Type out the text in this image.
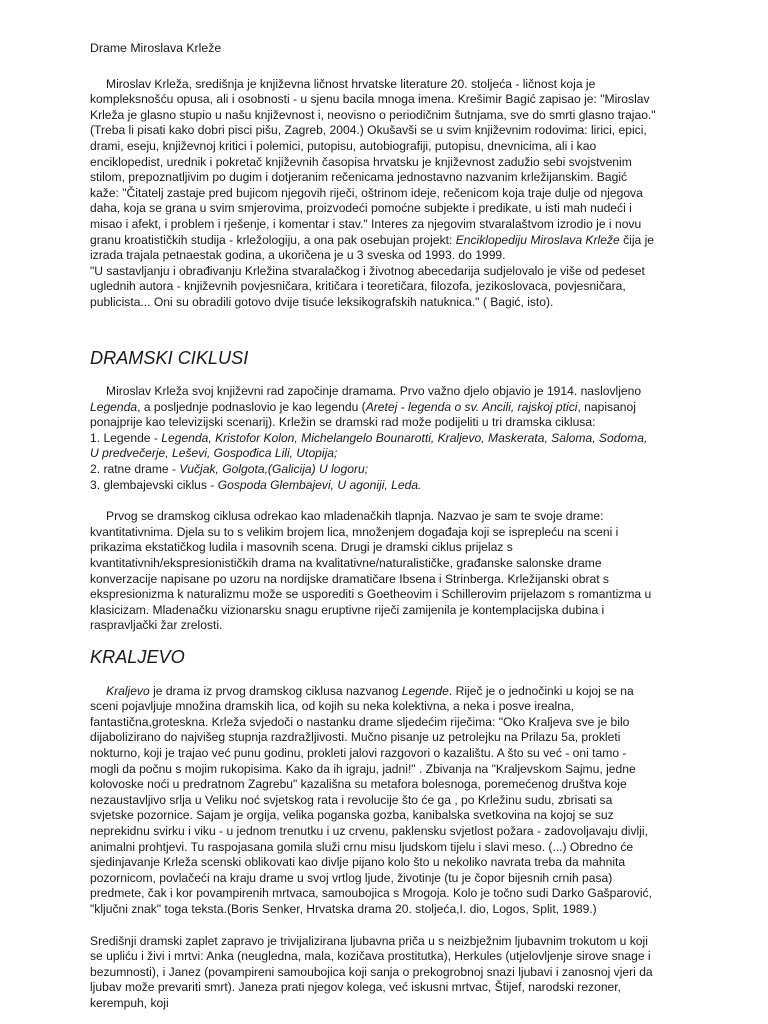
Drame Miroslava Krleže

Miroslav Krleža, središnja je književna ličnost hrvatske literature 20. stoljeća - ličnost koja je kompleksnošću opusa, ali i osobnosti - u sjenu bacila mnoga imena. Krešimir Bagić zapisao je: "Miroslav Krleža je glasno stupio u našu književnost i, neovisno o periodičnim šutnjama, sve do smrti glasno trajao." (Treba li pisati kako dobri pisci pišu, Zagreb, 2004.) Okušavši se u svim književnim rodovima: lirici, epici, drami, eseju, književnoj kritici i polemici, putopisu, autobiografiji, putopisu, dnevnicima, ali i kao enciklopedist, urednik i pokretač književnih časopisa hrvatsku je književnost zadužio sebi svojstvenim stilom, prepoznatljivim po dugim i dotjeranim rečenicama jednostavno nazvanim krležijanskim. Bagić kaže: "Čitatelj zastaje pred bujicom njegovih riječi, oštrinom ideje, rečenicom koja traje dulje od njegova daha, koja se grana u svim smjerovima, proizvodeći pomoćne subjekte i predikate, u isti mah nudeći i misao i afekt, i problem i rješenje, i komentar i stav." Interes za njegovim stvaralaštvom izrodio je i novu granu kroatističkih studija - krležologiju, a ona pak osebujan projekt: Enciklopediju Miroslava Krleže čija je izrada trajala petnaestak godina, a ukoričena je u 3 sveska od 1993. do 1999.

"U sastavljanju i obrađivanju Krležina stvaralačkog i životnog abecedarija sudjelovalo je više od pedeset uglednih autora - književnih povjesničara, kritičara i teoretičara, filozofa, jezikoslovaca, povjesničara, publicista... Oni su obradili gotovo dvije tisuće leksikografskih natuknica." ( Bagić, isto).

DRAMSKI CIKLUSI

Miroslav Krleža svoj književni rad započinje dramama. Prvo važno djelo objavio je 1914. naslovljeno Legenda, a posljednje podnaslovio je kao legendu (Aretej - legenda o sv. Ancili, rajskoj ptici, napisanoj ponajprije kao televizijski scenarij). Krležin se dramski rad može podijeliti u tri dramska ciklusa:

1. Legende - Legenda, Kristofor Kolon, Michelangelo Bounarotti, Kraljevo, Maskerata, Saloma, Sodoma, U predvečerje, Leševi, Gospođica Lili, Utopija;

2. ratne drame - Vučjak, Golgota,(Galicija) U logoru;

3. glembajevski ciklus - Gospoda Glembajevi, U agoniji, Leda.

Prvog se dramskog ciklusa odrekao kao mladenačkih tlapnja. Nazvao je sam te svoje drame: kvantitativnima. Djela su to s velikim brojem lica, množenjem događaja koji se isprepleću na sceni i prikazima ekstatičkog ludila i masovnih scena. Drugi je dramski ciklus prijelaz s kvantitativnih/ekspresionističkih drama na kvalitativne/naturalističke, građanske salonske drame konverzacije napisane po uzoru na nordijske dramatičare Ibsena i Strinberga. Krležijanski obrat s ekspresionizma k naturalizmu može se usporediti s Goetheovim i Schillerovim prijelazom s romantizma u klasicizam. Mladenačku vizionarsku snagu eruptivne riječi zamijenila je kontemplacijska dubina i raspravljački žar zrelosti.

KRALJEVO

Kraljevo je drama iz prvog dramskog ciklusa nazvanog Legende. Riječ je o jednočinki u kojoj se na sceni pojavljuje množina dramskih lica, od kojih su neka kolektivna, a neka i posve irealna, fantastična,groteskna. Krleža svjedoči o nastanku drame sljedećim riječima: "Oko Kraljeva sve je bilo dijabolizirano do najvišeg stupnja razdražljivosti. Mučno pisanje uz petrolejku na Prilazu 5a, prokleti nokturno, koji je trajao već punu godinu, prokleti jalovi razgovori o kazalištu. A što su već - oni tamo - mogli da počnu s mojim rukopisima. Kako da ih igraju, jadni!" . Zbivanja na "Kraljevskom Sajmu, jedne kolovoske noći u predratnom Zagrebu" kazališna su metafora bolesnoga, poremećenog društva koje nezaustavljivo srlja u Veliku noć svjetskog rata i revolucije što će ga , po Krležinu sudu, zbrisati sa svjetske pozornice. Sajam je orgija, velika poganska gozba, kanibalska svetkovina na kojoj se suz neprekidnu svirku i viku - u jednom trenutku i uz crvenu, paklensku svjetlost požara - zadovoljavaju divlji, animalni prohtjevi. Tu raspojasana gomila služi crnu misu ljudskom tijelu i slavi meso. (...) Obredno će sjedinjavanje Krleža scenski oblikovati kao divlje pijano kolo što u nekoliko navrata treba da mahnita pozornicom, povlačeći na kraju drame u svoj vrtlog ljude, životinje (tu je čopor bijesnih crnih pasa) predmete, čak i kor povampirenih mrtvaca, samoubojica s Mrogoja. Kolo je točno sudi Darko Gašparović, "ključni znak" toga teksta.(Boris Senker, Hrvatska drama 20. stoljeća,I. dio, Logos, Split, 1989.)

Središnji dramski zaplet zapravo je trivijalizirana ljubavna priča u s neizbježnim ljubavnim trokutom u koji se upliću i živi i mrtvi: Anka (neugledna, mala, kozičava prostitutka), Herkules (utjelovljenje sirove snage i bezumnosti), i Janez (povampireni samoubojica koji sanja o prekogrobnoj snazi ljubavi i zanosnoj vjeri da ljubav može prevariti smrt). Janeza prati njegov kolega, već iskusni mrtvac, Štijef, narodski rezoner, kerempuh, koji
